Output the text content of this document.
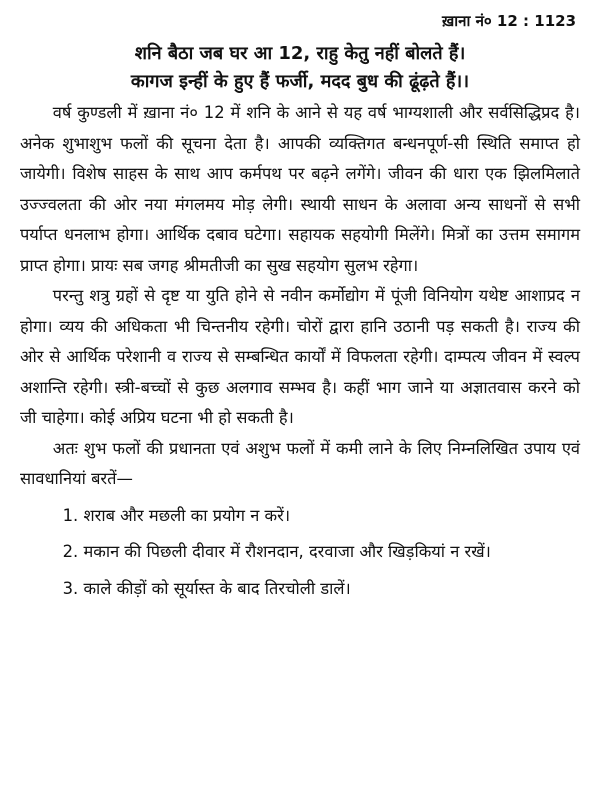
ख़ाना नं० 12 : 1123
शनि बैठा जब घर आ 12, राहु केतु नहीं बोलते हैं।
कागज इन्हीं के हुए हैं फर्जी, मदद बुध की ढूंढ़ते हैं।।

वर्ष कुण्डली में ख़ाना नं० 12 में शनि के आने से यह वर्ष भाग्यशाली और सर्वसिद्धिप्रद है। अनेक शुभाशुभ फलों की सूचना देता है। आपकी व्यक्तिगत बन्धनपूर्ण-सी स्थिति समाप्त हो जायेगी। विशेष साहस के साथ आप कर्मपथ पर बढ़ने लगेंगे। जीवन की धारा एक झिलमिलाते उज्ज्वलता की ओर नया मंगलमय मोड़ लेगी। स्थायी साधन के अलावा अन्य साधनों से सभी पर्याप्त धनलाभ होगा। आर्थिक दबाव घटेगा। सहायक सहयोगी मिलेंगे। मित्रों का उत्तम समागम प्राप्त होगा। प्रायः सब जगह श्रीमतीजी का सुख सहयोग सुलभ रहेगा।

परन्तु शत्रु ग्रहों से दृष्ट या युति होने से नवीन कर्मोद्योग में पूंजी विनियोग यथेष्ट आशाप्रद न होगा। व्यय की अधिकता भी चिन्तनीय रहेगी। चोरों द्वारा हानि उठानी पड़ सकती है। राज्य की ओर से आर्थिक परेशानी व राज्य से सम्बन्धित कार्यों में विफलता रहेगी। दाम्पत्य जीवन में स्वल्प अशान्ति रहेगी। स्त्री-बच्चों से कुछ अलगाव सम्भव है। कहीं भाग जाने या अज्ञातवास करने को जी चाहेगा। कोई अप्रिय घटना भी हो सकती है।

अतः शुभ फलों की प्रधानता एवं अशुभ फलों में कमी लाने के लिए निम्नलिखित उपाय एवं सावधानियां बरतें—

1. शराब और मछली का प्रयोग न करें।

2. मकान की पिछली दीवार में रौशनदान, दरवाजा और खिड़कियां न रखें।

3. काले कीड़ों को सूर्यास्त के बाद तिरचोली डालें।
